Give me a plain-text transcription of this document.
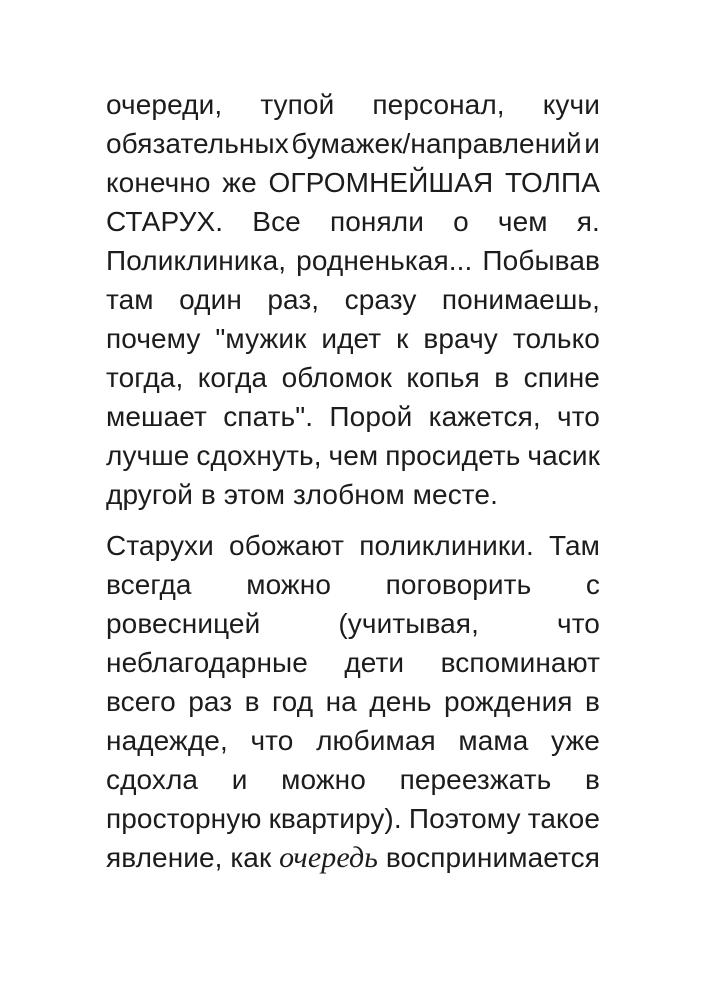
очереди, тупой персонал, кучи
обязательных бумажек/направлений и
конечно же ОГРОМНЕЙШАЯ ТОЛПА
СТАРУХ. Все поняли о чем я.
Поликлиника, родненькая... Побывав
там один раз, сразу понимаешь,
почему "мужик идет к врачу только
тогда, когда обломок копья в спине
мешает спать". Порой кажется, что
лучше сдохнуть, чем просидеть часик
другой в этом злобном месте.
Старухи обожают поликлиники. Там
всегда можно поговорить с
ровесницей	(учитывая,	что
неблагодарные дети вспоминают
всего раз в год на день рождения в
надежде, что любимая мама уже
сдохла и можно переезжать в
просторную квартиру). Поэтому такое
явление, как очередь воспринимается
